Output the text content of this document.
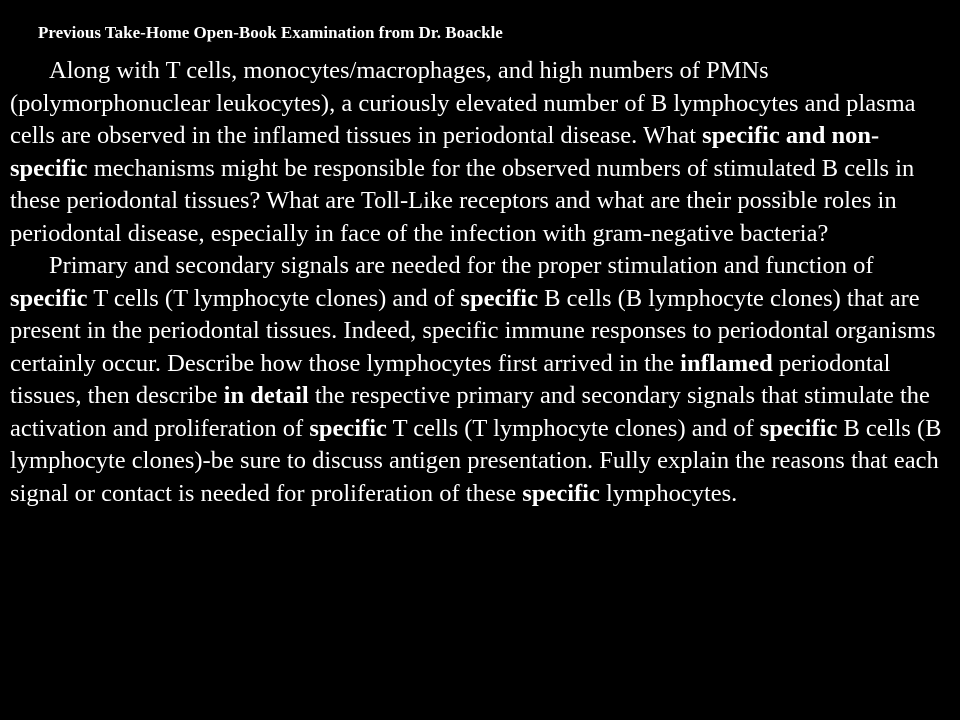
Previous Take-Home Open-Book Examination from Dr. Boackle

Along with T cells, monocytes/macrophages, and high numbers of PMNs (polymorphonuclear leukocytes), a curiously elevated number of B lymphocytes and plasma cells are observed in the inflamed tissues in periodontal disease. What specific and non-specific mechanisms might be responsible for the observed numbers of stimulated B cells in these periodontal tissues? What are Toll-Like receptors and what are their possible roles in periodontal disease, especially in face of the infection with gram-negative bacteria?

Primary and secondary signals are needed for the proper stimulation and function of specific T cells (T lymphocyte clones) and of specific B cells (B lymphocyte clones) that are present in the periodontal tissues. Indeed, specific immune responses to periodontal organisms certainly occur. Describe how those lymphocytes first arrived in the inflamed periodontal tissues, then describe in detail the respective primary and secondary signals that stimulate the activation and proliferation of specific T cells (T lymphocyte clones) and of specific B cells (B lymphocyte clones)-be sure to discuss antigen presentation. Fully explain the reasons that each signal or contact is needed for proliferation of these specific lymphocytes.
